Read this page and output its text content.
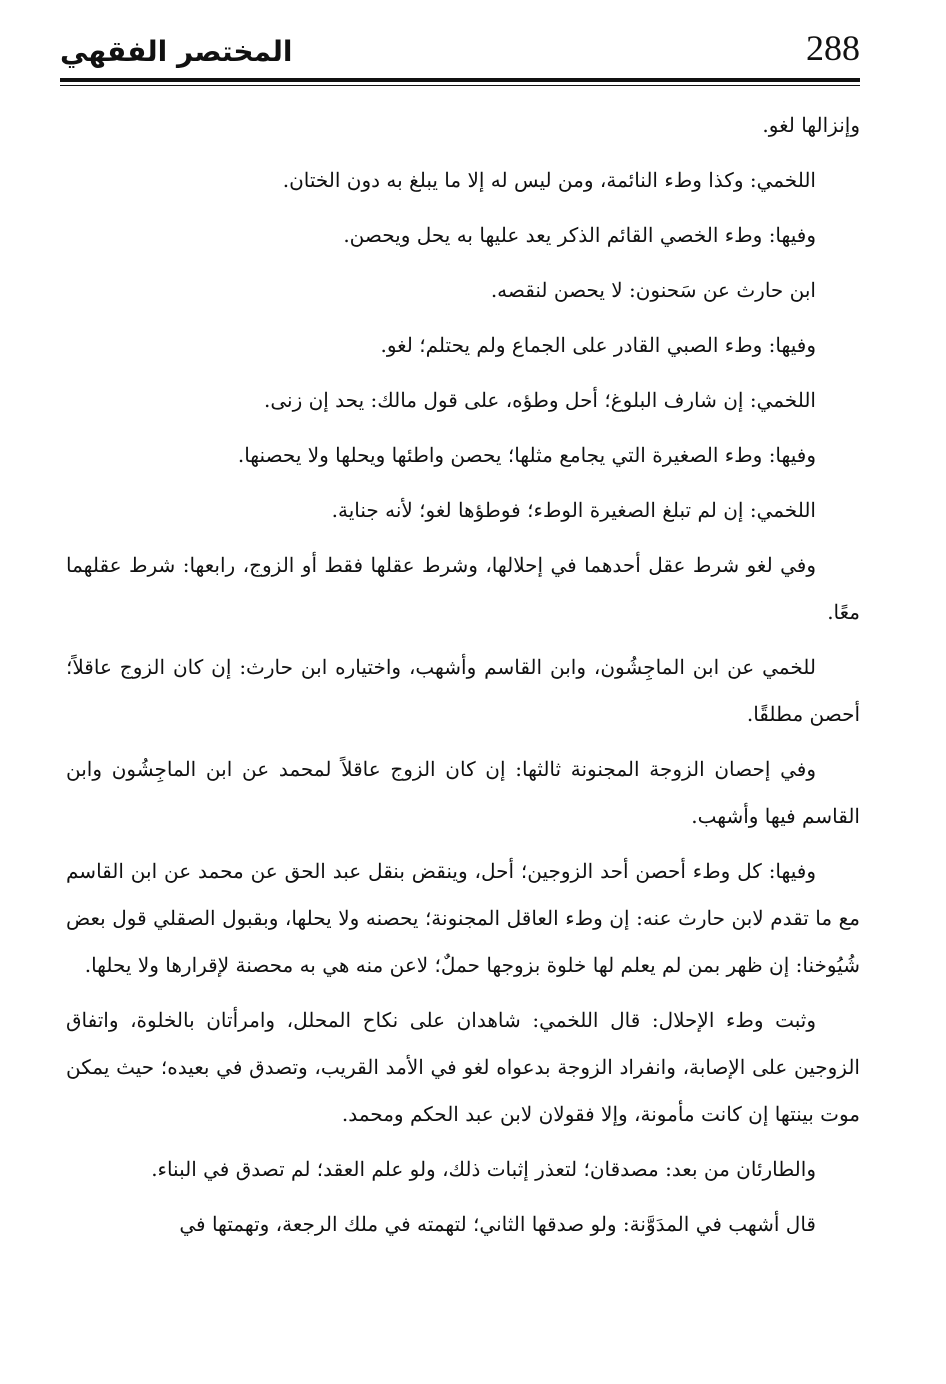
المختصر الفقهي	288

وإنزالها لغو.

اللخمي: وكذا وطء النائمة، ومن ليس له إلا ما يبلغ به دون الختان.

وفيها: وطء الخصي القائم الذكر يعد عليها به يحل ويحصن.

ابن حارث عن سَحنون: لا يحصن لنقصه.

وفيها: وطء الصبي القادر على الجماع ولم يحتلم؛ لغو.

اللخمي: إن شارف البلوغ؛ أحل وطؤه، على قول مالك: يحد إن زنى.

وفيها: وطء الصغيرة التي يجامع مثلها؛ يحصن واطئها ويحلها ولا يحصنها.

اللخمي: إن لم تبلغ الصغيرة الوطء؛ فوطؤها لغو؛ لأنه جناية.

وفي لغو شرط عقل أحدهما في إحلالها، وشرط عقلها فقط أو الزوج، رابعها: شرط عقلهما معًا.

للخمي عن ابن الماجِشُون، وابن القاسم وأشهب، واختياره ابن حارث: إن كان الزوج عاقلاً؛ أحصن مطلقًا.

وفي إحصان الزوجة المجنونة ثالثها: إن كان الزوج عاقلاً لمحمد عن ابن الماجِشُون وابن القاسم فيها وأشهب.

وفيها: كل وطء أحصن أحد الزوجين؛ أحل، وينقض بنقل عبد الحق عن محمد عن ابن القاسم مع ما تقدم لابن حارث عنه: إن وطء العاقل المجنونة؛ يحصنه ولا يحلها، وبقبول الصقلي قول بعض شُيُوخنا: إن ظهر بمن لم يعلم لها خلوة بزوجها حملٌ؛ لاعن منه هي به محصنة لإقرارها ولا يحلها.

وثبت وطء الإحلال: قال اللخمي: شاهدان على نكاح المحلل، وامرأتان بالخلوة، واتفاق الزوجين على الإصابة، وانفراد الزوجة بدعواه لغو في الأمد القريب، وتصدق في بعيده؛ حيث يمكن موت بينتها إن كانت مأمونة، وإلا فقولان لابن عبد الحكم ومحمد.

والطارئان من بعد: مصدقان؛ لتعذر إثبات ذلك، ولو علم العقد؛ لم تصدق في البناء.

قال أشهب في المدَوَّنة: ولو صدقها الثاني؛ لتهمته في ملك الرجعة، وتهمتها في
